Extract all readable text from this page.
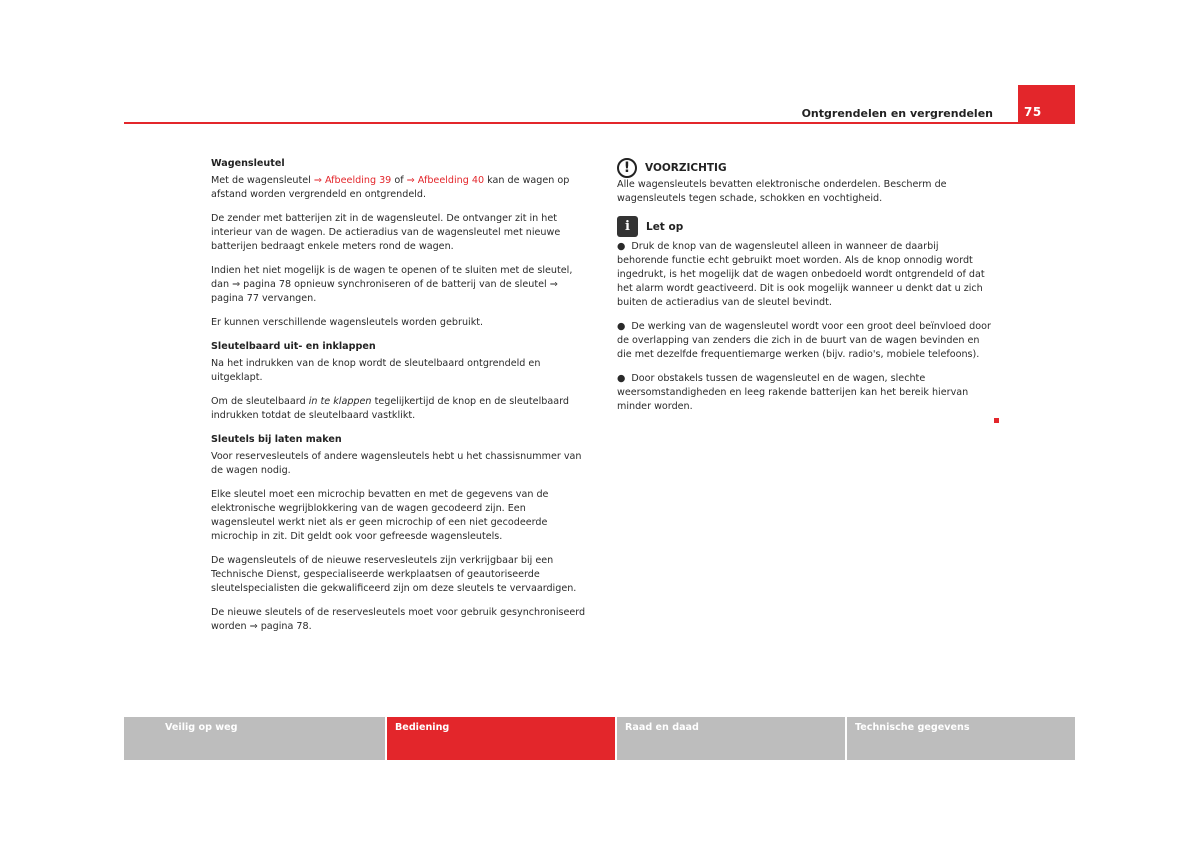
Ontgrendelen en vergrendelen	75
Wagensleutel

Met de wagensleutel ⇒ Afbeelding 39 of ⇒ Afbeelding 40 kan de wagen op afstand worden vergrendeld en ontgrendeld.

De zender met batterijen zit in de wagensleutel. De ontvanger zit in het interieur van de wagen. De actieradius van de wagensleutel met nieuwe batterijen bedraagt enkele meters rond de wagen.

Indien het niet mogelijk is de wagen te openen of te sluiten met de sleutel, dan ⇒ pagina 78 opnieuw synchroniseren of de batterij van de sleutel ⇒ pagina 77 vervangen.

Er kunnen verschillende wagensleutels worden gebruikt.

Sleutelbaard uit- en inklappen

Na het indrukken van de knop wordt de sleutelbaard ontgrendeld en uitgeklapt.

Om de sleutelbaard in te klappen tegelijkertijd de knop en de sleutelbaard indrukken totdat de sleutelbaard vastklikt.

Sleutels bij laten maken

Voor reservesleutels of andere wagensleutels hebt u het chassisnummer van de wagen nodig.

Elke sleutel moet een microchip bevatten en met de gegevens van de elektronische wegrijblokkering van de wagen gecodeerd zijn. Een wagensleutel werkt niet als er geen microchip of een niet gecodeerde microchip in zit. Dit geldt ook voor gefreesde wagensleutels.

De wagensleutels of de nieuwe reservesleutels zijn verkrijgbaar bij een Technische Dienst, gespecialiseerde werkplaatsen of geautoriseerde sleutelspecialisten die gekwalificeerd zijn om deze sleutels te vervaardigen.

De nieuwe sleutels of de reservesleutels moet voor gebruik gesynchroniseerd worden ⇒ pagina 78.

!	VOORZICHTIG

Alle wagensleutels bevatten elektronische onderdelen. Bescherm de wagensleutels tegen schade, schokken en vochtigheid.

i	Let op

● Druk de knop van de wagensleutel alleen in wanneer de daarbij behorende functie echt gebruikt moet worden. Als de knop onnodig wordt ingedrukt, is het mogelijk dat de wagen onbedoeld wordt ontgrendeld of dat het alarm wordt geactiveerd. Dit is ook mogelijk wanneer u denkt dat u zich buiten de actieradius van de sleutel bevindt.

● De werking van de wagensleutel wordt voor een groot deel beïnvloed door de overlapping van zenders die zich in de buurt van de wagen bevinden en die met dezelfde frequentiemarge werken (bijv. radio's, mobiele telefoons).

● Door obstakels tussen de wagensleutel en de wagen, slechte weersomstandigheden en leeg rakende batterijen kan het bereik hiervan minder worden.

Veilig op weg	Bediening	Raad en daad	Technische gegevens
